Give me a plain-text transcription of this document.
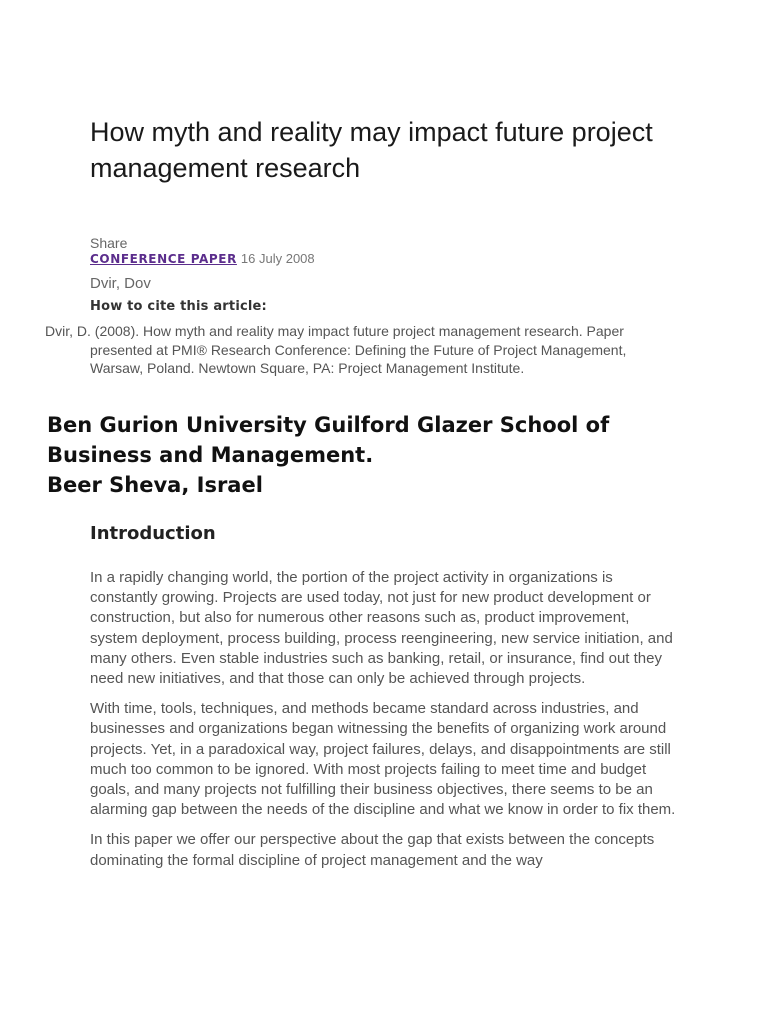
How myth and reality may impact future project management research
Share
CONFERENCE PAPER 16 July 2008
Dvir, Dov
How to cite this article:
Dvir, D. (2008). How myth and reality may impact future project management research. Paper presented at PMI® Research Conference: Defining the Future of Project Management, Warsaw, Poland. Newtown Square, PA: Project Management Institute.
Ben Gurion University Guilford Glazer School of
Business and Management.
Beer Sheva, Israel
Introduction

In a rapidly changing world, the portion of the project activity in organizations is constantly growing. Projects are used today, not just for new product development or construction, but also for numerous other reasons such as, product improvement, system deployment, process building, process reengineering, new service initiation, and many others. Even stable industries such as banking, retail, or insurance, find out they need new initiatives, and that those can only be achieved through projects.

With time, tools, techniques, and methods became standard across industries, and businesses and organizations began witnessing the benefits of organizing work around projects. Yet, in a paradoxical way, project failures, delays, and disappointments are still much too common to be ignored. With most projects failing to meet time and budget goals, and many projects not fulfilling their business objectives, there seems to be an alarming gap between the needs of the discipline and what we know in order to fix them.

In this paper we offer our perspective about the gap that exists between the concepts dominating the formal discipline of project management and the way
